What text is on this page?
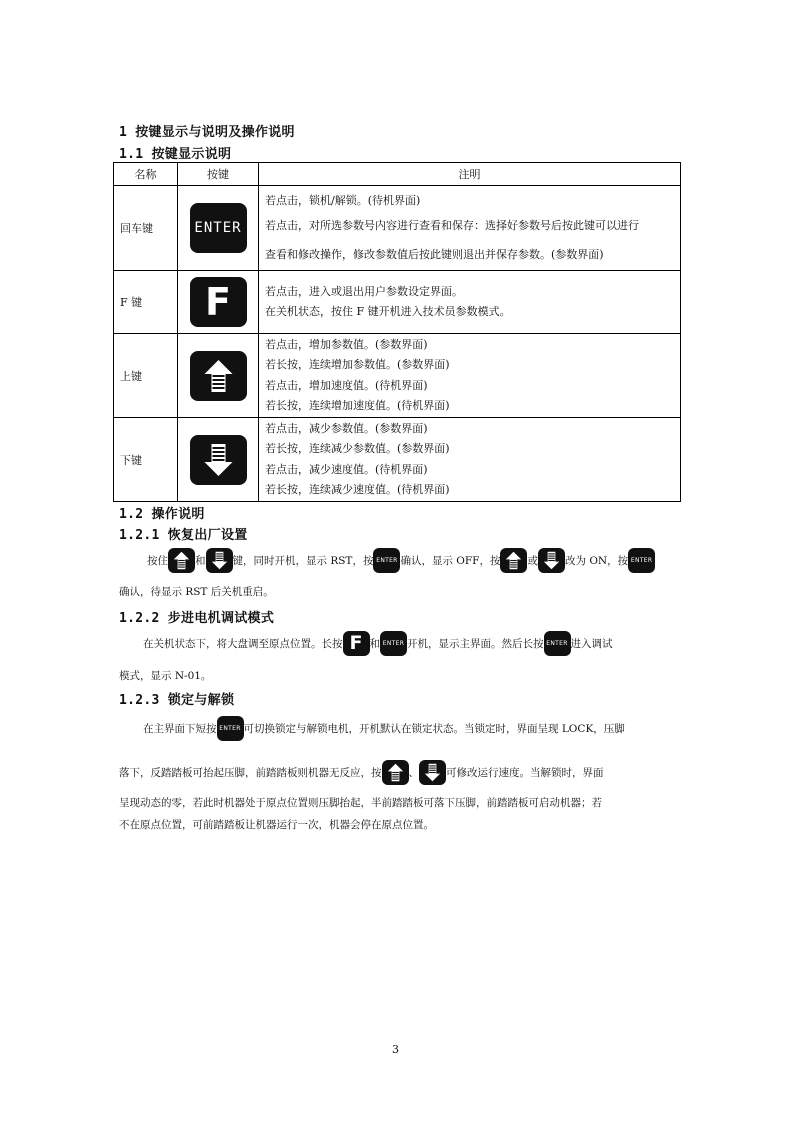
1 按键显示与说明及操作说明
1.1 按键显示说明
名称	按键	注明
回车键	ENTER	若点击，锁机/解锁。(待机界面)
若点击，对所选参数号内容进行查看和保存：选择好参数号后按此键可以进行
查看和修改操作，修改参数值后按此键则退出并保存参数。(参数界面)

F 键	F	若点击，进入或退出用户参数设定界面。
在关机状态，按住 F 键开机进入技术员参数模式。

上键		若点击，增加参数值。(参数界面)
若长按，连续增加参数值。(参数界面)
若点击，增加速度值。(待机界面)
若长按，连续增加速度值。(待机界面)

下键		若点击，减少参数值。(参数界面)
若长按，连续减少参数值。(参数界面)
若点击，减少速度值。(待机界面)
若长按，连续减少速度值。(待机界面)
1.2 操作说明
1.2.1 恢复出厂设置
按住	和	键，同时开机，显示 RST，按 ENTER 确认，显示 OFF，按	或	改为 ON，按 ENTER
确认，待显示 RST 后关机重启。
1.2.2 步进电机调试模式
在关机状态下，将大盘调至原点位置。长按 F 和 ENTER 开机，显示主界面。然后长按 ENTER 进入调试
模式，显示 N-01。
1.2.3 锁定与解锁
在主界面下短按 ENTER 可切换锁定与解锁电机，开机默认在锁定状态。当锁定时，界面呈现 LOCK，压脚
落下，反踏踏板可抬起压脚，前踏踏板则机器无反应，按	、	可修改运行速度。当解锁时，界面
呈现动态的零，若此时机器处于原点位置则压脚抬起，半前踏踏板可落下压脚，前踏踏板可启动机器；若
不在原点位置，可前踏踏板让机器运行一次，机器会停在原点位置。
3
